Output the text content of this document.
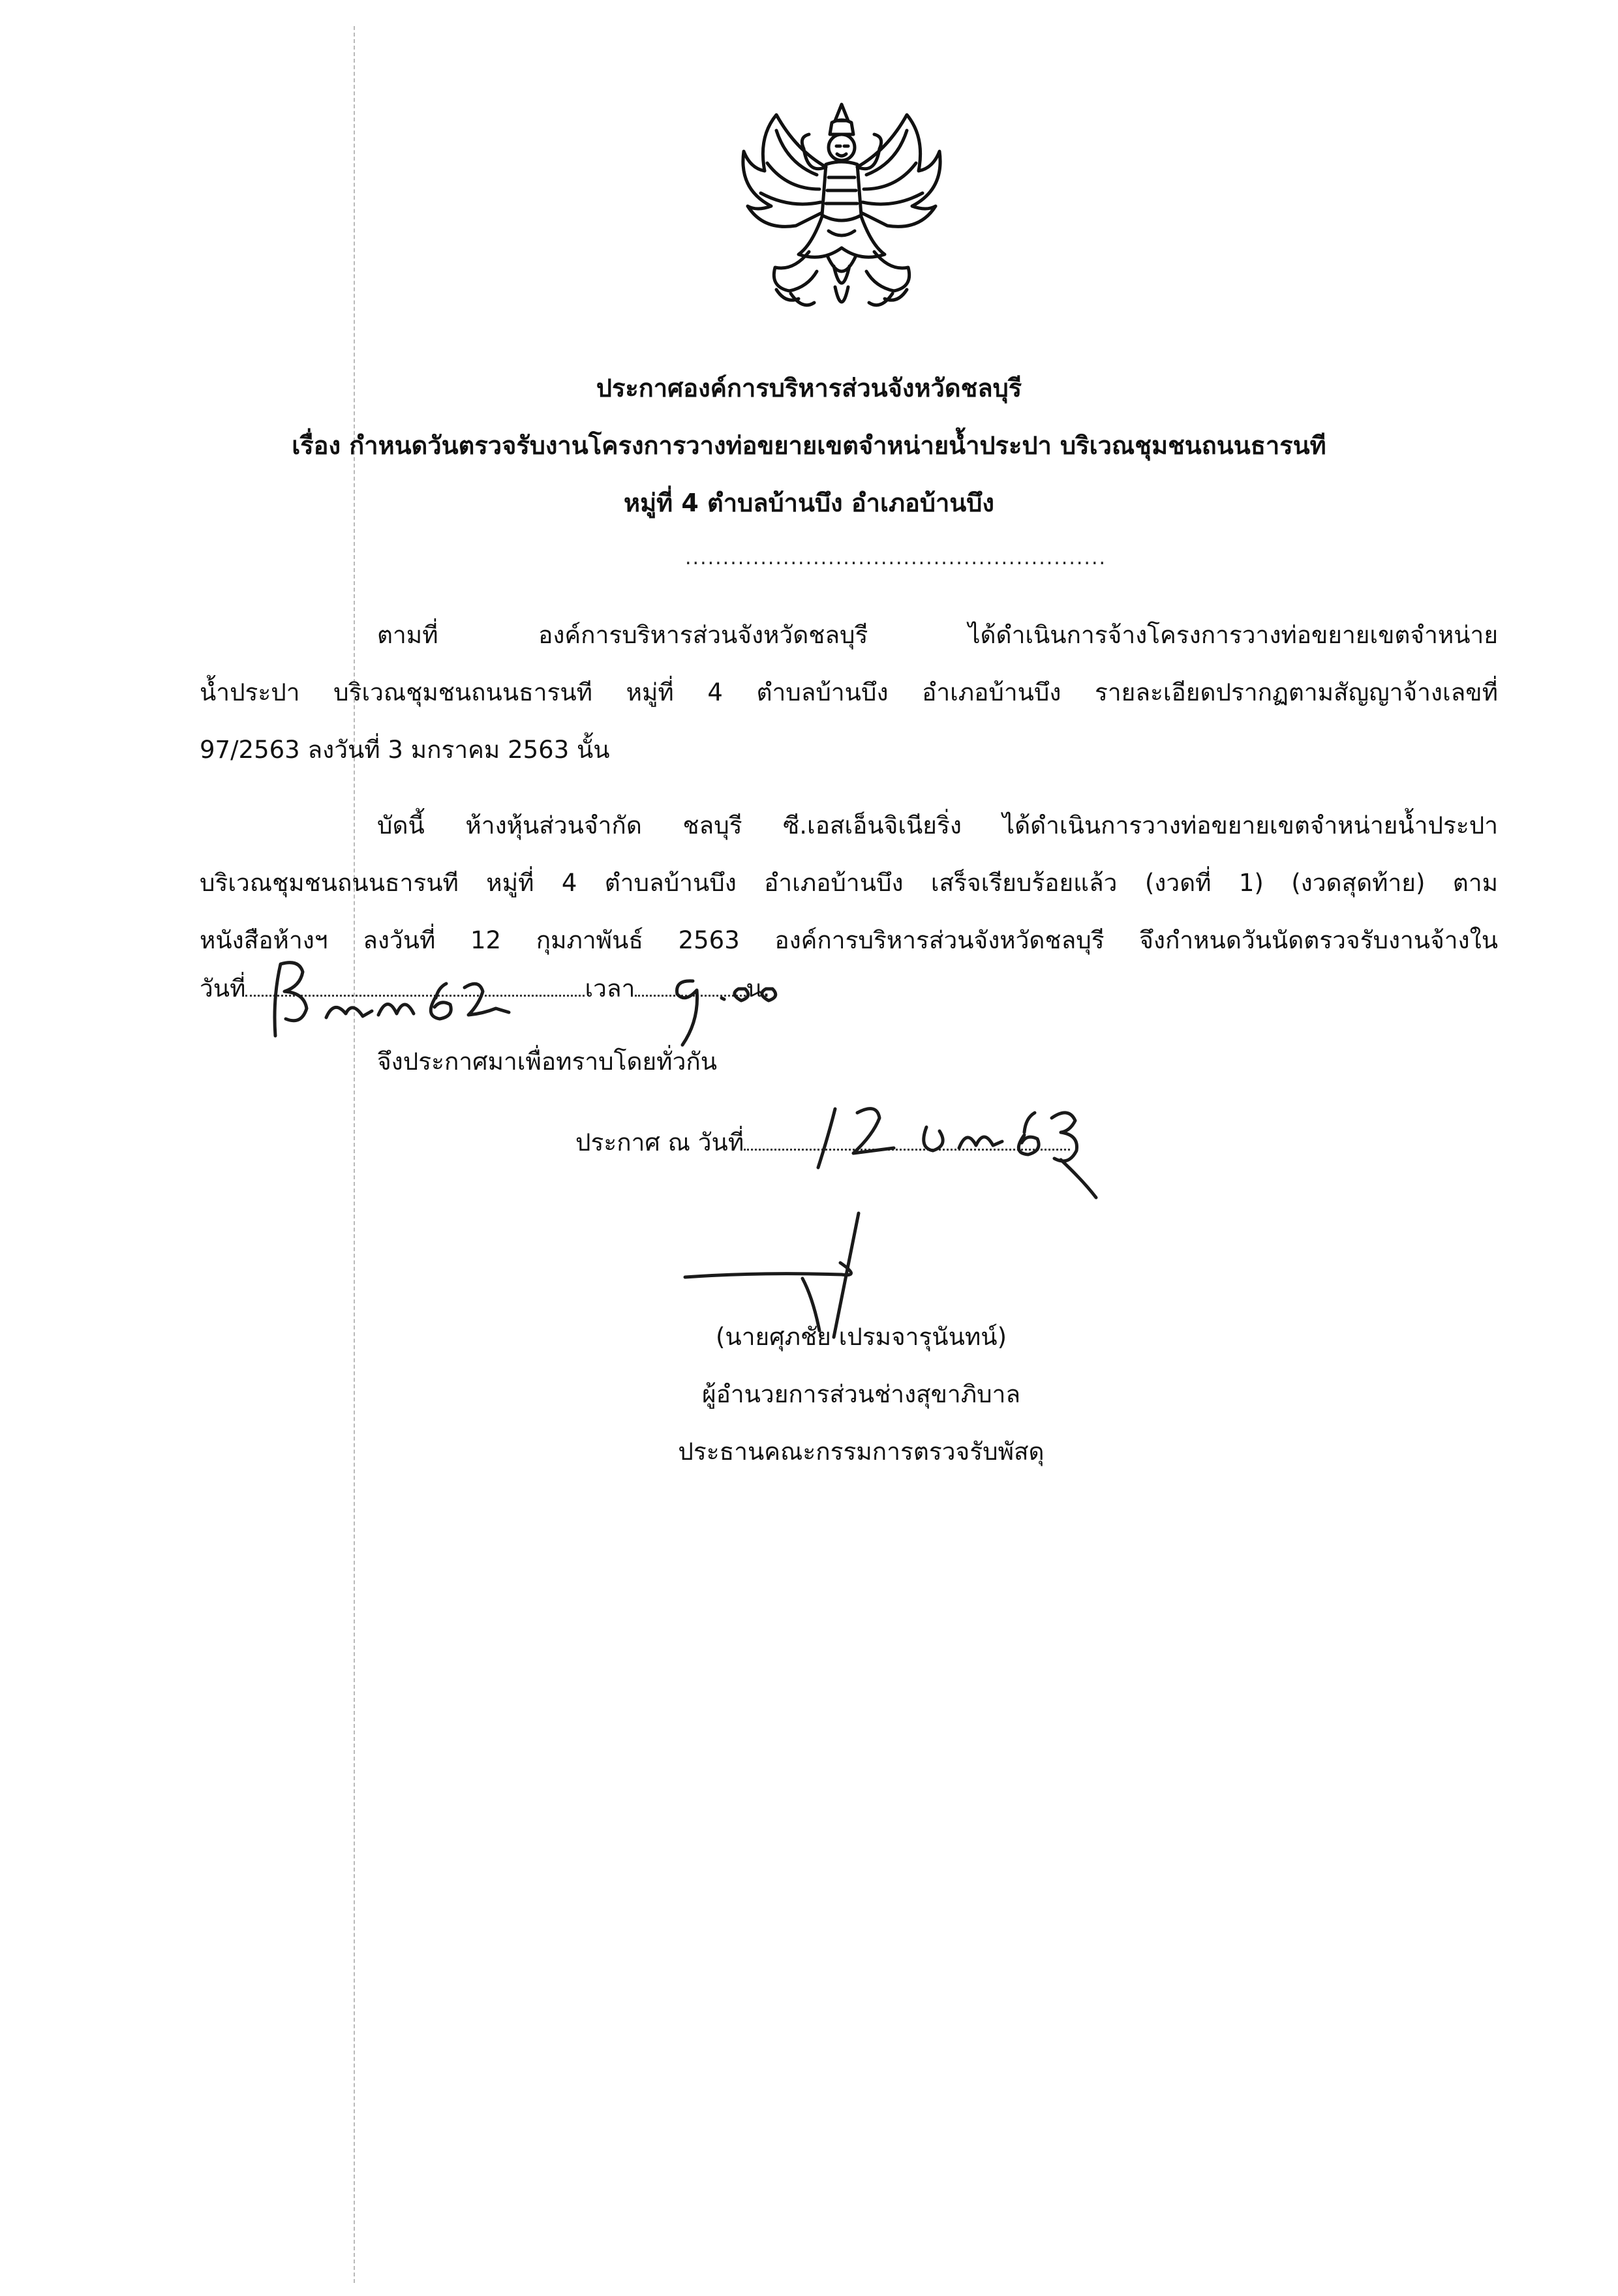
ประกาศองค์การบริหารส่วนจังหวัดชลบุรี
เรื่อง กำหนดวันตรวจรับงานโครงการวางท่อขยายเขตจำหน่ายน้ำประปา บริเวณชุมชนถนนธารนที
หมู่ที่ 4 ตำบลบ้านบึง อำเภอบ้านบึง
........................................................
ตามที่ องค์การบริหารส่วนจังหวัดชลบุรี ได้ดำเนินการจ้างโครงการวางท่อขยายเขตจำหน่าย
น้ำประปา บริเวณชุมชนถนนธารนที หมู่ที่ 4 ตำบลบ้านบึง อำเภอบ้านบึง รายละเอียดปรากฏตามสัญญาจ้างเลขที่
97/2563 ลงวันที่ 3 มกราคม 2563 นั้น
บัดนี้ ห้างหุ้นส่วนจำกัด ชลบุรี ซี.เอสเอ็นจิเนียริ่ง ได้ดำเนินการวางท่อขยายเขตจำหน่ายน้ำประปา
บริเวณชุมชนถนนธารนที หมู่ที่ 4 ตำบลบ้านบึง อำเภอบ้านบึง เสร็จเรียบร้อยแล้ว (งวดที่ 1) (งวดสุดท้าย) ตาม
หนังสือห้างฯ ลงวันที่ 12 กุมภาพันธ์ 2563 องค์การบริหารส่วนจังหวัดชลบุรี จึงกำหนดวันนัดตรวจรับงานจ้างใน
วันที่	เวลา	น.
จึงประกาศมาเพื่อทราบโดยทั่วกัน
ประกาศ ณ วันที่
(นายศุภชัย เปรมจารุนันทน์)
ผู้อำนวยการส่วนช่างสุขาภิบาล
ประธานคณะกรรมการตรวจรับพัสดุ
